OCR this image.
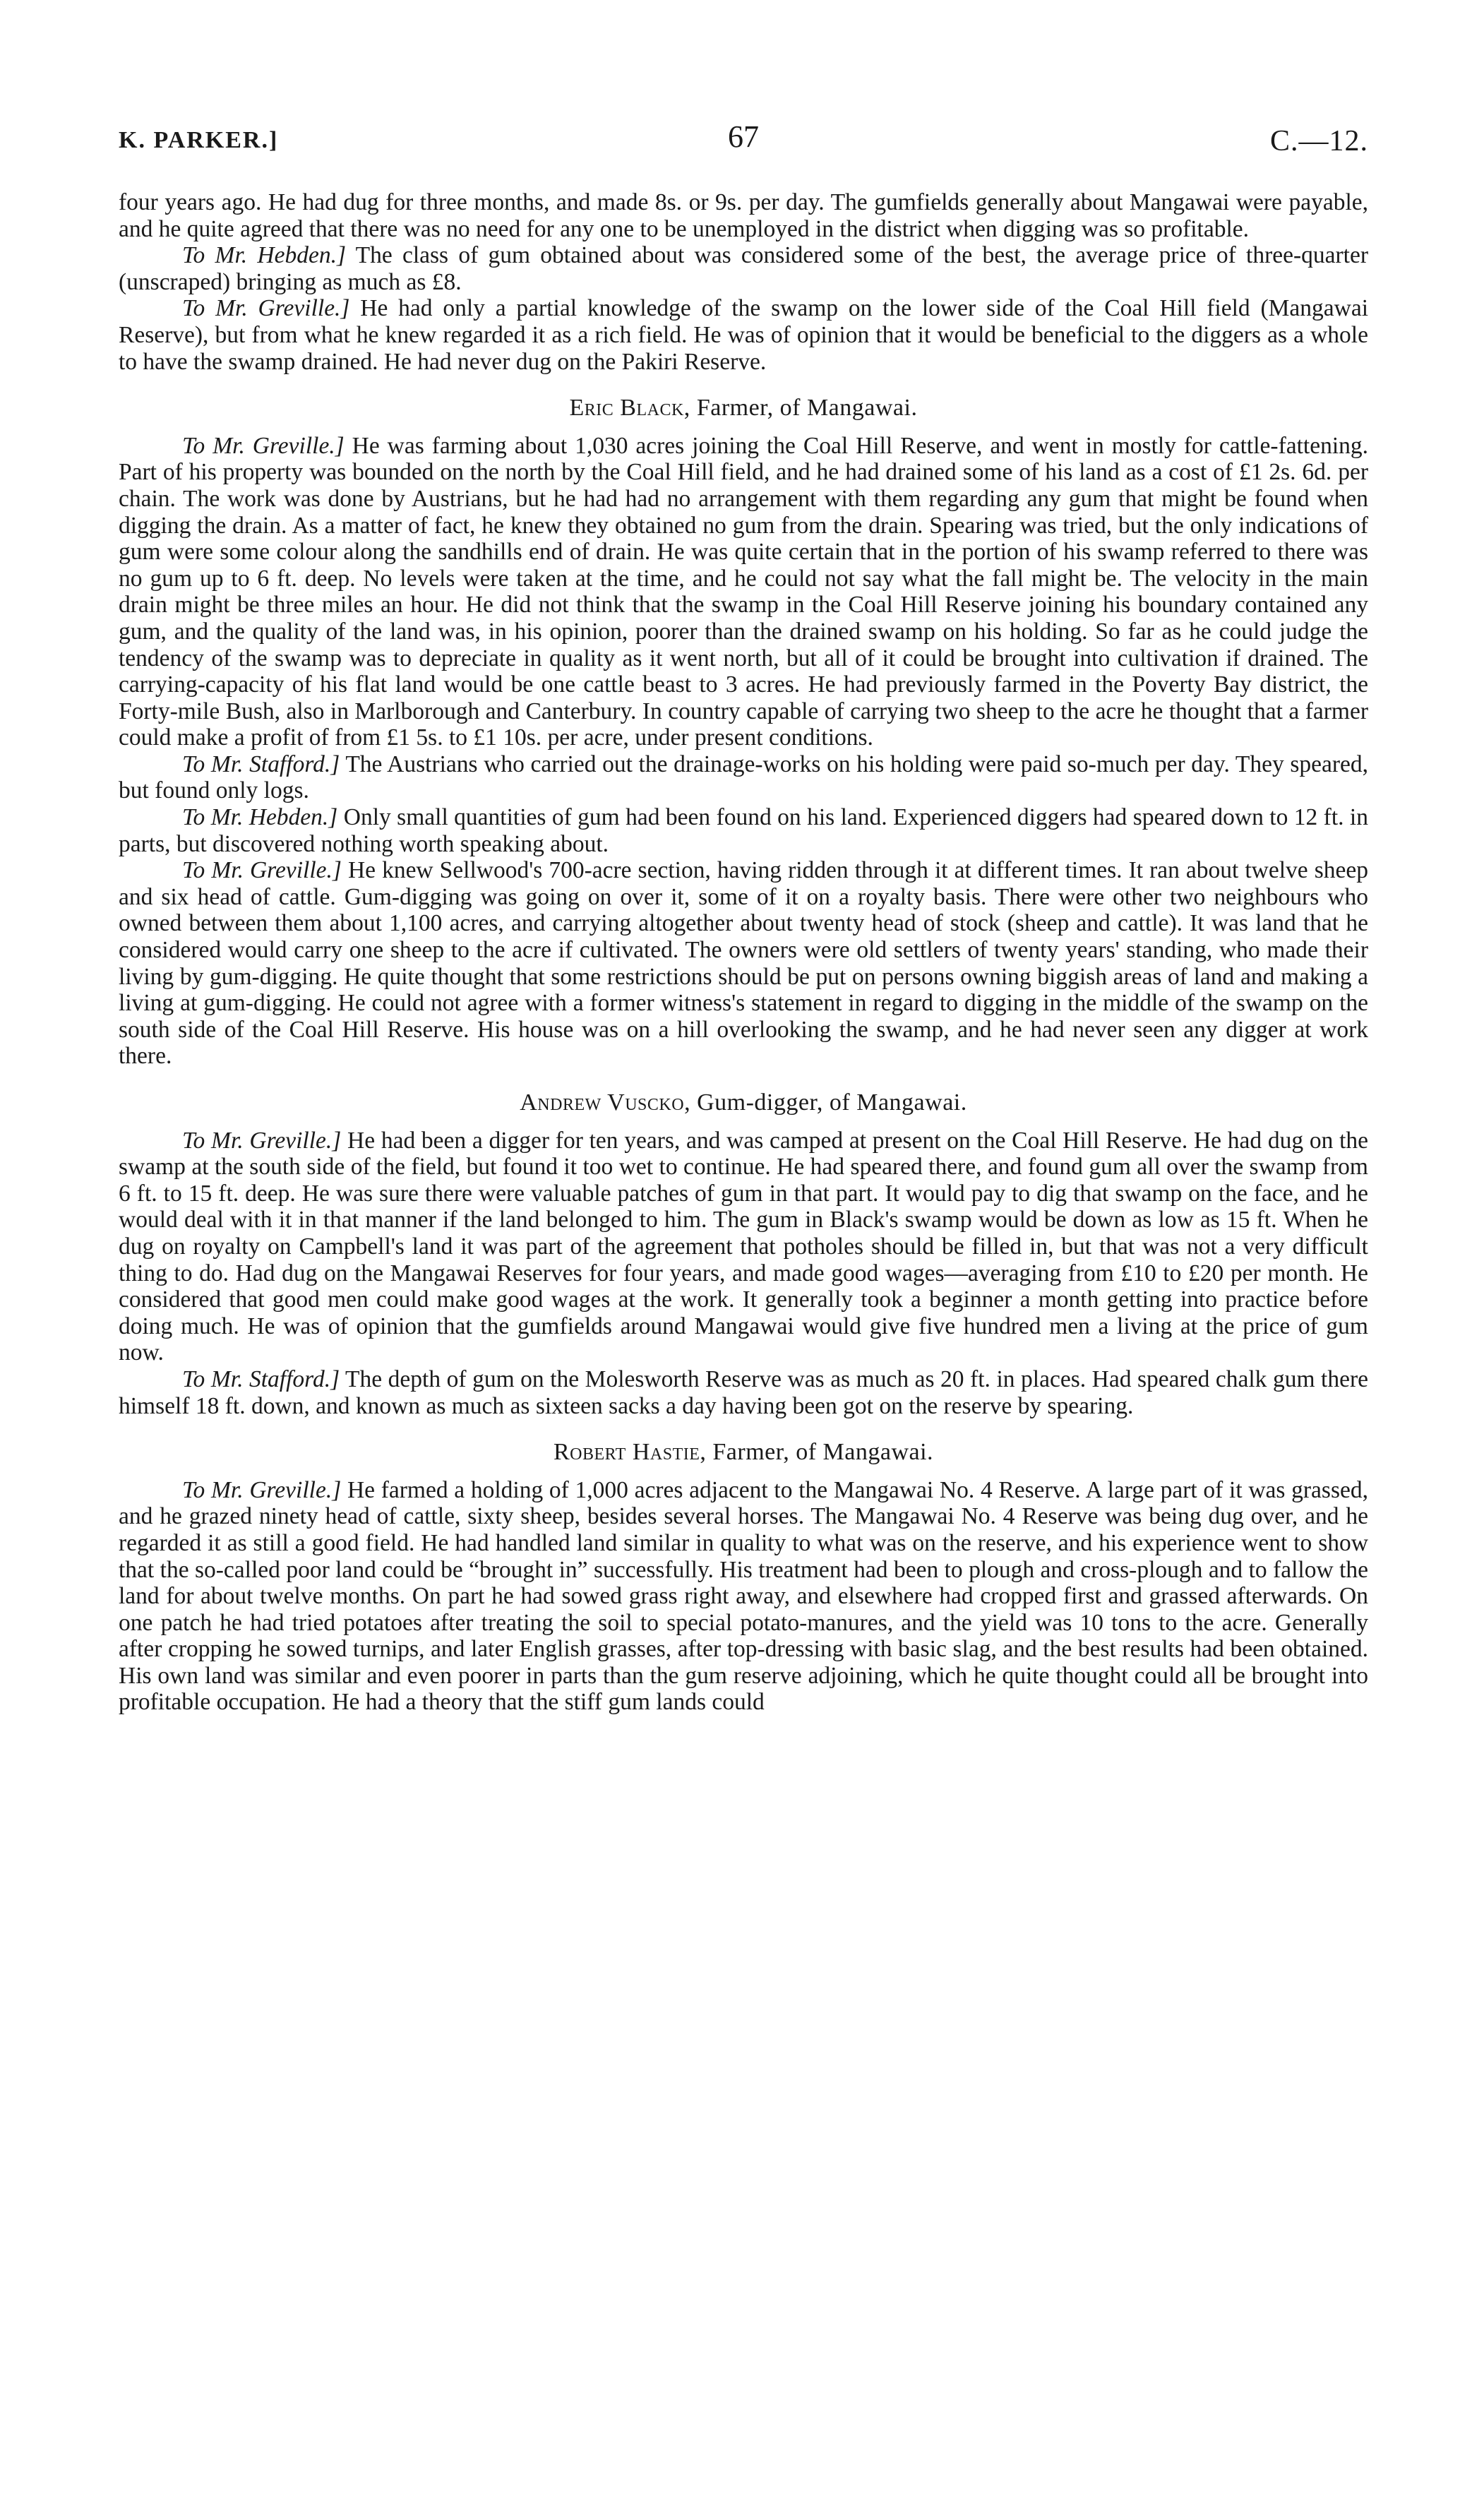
K. PARKER.]	67	C.—12.

four years ago. He had dug for three months, and made 8s. or 9s. per day. The gumfields generally about Mangawai were payable, and he quite agreed that there was no need for any one to be unemployed in the district when digging was so profitable.

To Mr. Hebden.] The class of gum obtained about was considered some of the best, the average price of three-quarter (unscraped) bringing as much as £8.

To Mr. Greville.] He had only a partial knowledge of the swamp on the lower side of the Coal Hill field (Mangawai Reserve), but from what he knew regarded it as a rich field. He was of opinion that it would be beneficial to the diggers as a whole to have the swamp drained. He had never dug on the Pakiri Reserve.

Eric Black, Farmer, of Mangawai.

To Mr. Greville.] He was farming about 1,030 acres joining the Coal Hill Reserve, and went in mostly for cattle-fattening. Part of his property was bounded on the north by the Coal Hill field, and he had drained some of his land as a cost of £1 2s. 6d. per chain. The work was done by Austrians, but he had had no arrangement with them regarding any gum that might be found when digging the drain. As a matter of fact, he knew they obtained no gum from the drain. Spearing was tried, but the only indications of gum were some colour along the sandhills end of drain. He was quite certain that in the portion of his swamp referred to there was no gum up to 6 ft. deep. No levels were taken at the time, and he could not say what the fall might be. The velocity in the main drain might be three miles an hour. He did not think that the swamp in the Coal Hill Reserve joining his boundary contained any gum, and the quality of the land was, in his opinion, poorer than the drained swamp on his holding. So far as he could judge the tendency of the swamp was to depreciate in quality as it went north, but all of it could be brought into cultivation if drained. The carrying-capacity of his flat land would be one cattle beast to 3 acres. He had previously farmed in the Poverty Bay district, the Forty-mile Bush, also in Marlborough and Canterbury. In country capable of carrying two sheep to the acre he thought that a farmer could make a profit of from £1 5s. to £1 10s. per acre, under present conditions.

To Mr. Stafford.] The Austrians who carried out the drainage-works on his holding were paid so-much per day. They speared, but found only logs.

To Mr. Hebden.] Only small quantities of gum had been found on his land. Experienced diggers had speared down to 12 ft. in parts, but discovered nothing worth speaking about.

To Mr. Greville.] He knew Sellwood's 700-acre section, having ridden through it at different times. It ran about twelve sheep and six head of cattle. Gum-digging was going on over it, some of it on a royalty basis. There were other two neighbours who owned between them about 1,100 acres, and carrying altogether about twenty head of stock (sheep and cattle). It was land that he considered would carry one sheep to the acre if cultivated. The owners were old settlers of twenty years' standing, who made their living by gum-digging. He quite thought that some restrictions should be put on persons owning biggish areas of land and making a living at gum-digging. He could not agree with a former witness's statement in regard to digging in the middle of the swamp on the south side of the Coal Hill Reserve. His house was on a hill overlooking the swamp, and he had never seen any digger at work there.

Andrew Vuscko, Gum-digger, of Mangawai.

To Mr. Greville.] He had been a digger for ten years, and was camped at present on the Coal Hill Reserve. He had dug on the swamp at the south side of the field, but found it too wet to continue. He had speared there, and found gum all over the swamp from 6 ft. to 15 ft. deep. He was sure there were valuable patches of gum in that part. It would pay to dig that swamp on the face, and he would deal with it in that manner if the land belonged to him. The gum in Black's swamp would be down as low as 15 ft. When he dug on royalty on Campbell's land it was part of the agreement that potholes should be filled in, but that was not a very difficult thing to do. Had dug on the Mangawai Reserves for four years, and made good wages—averaging from £10 to £20 per month. He considered that good men could make good wages at the work. It generally took a beginner a month getting into practice before doing much. He was of opinion that the gumfields around Mangawai would give five hundred men a living at the price of gum now.

To Mr. Stafford.] The depth of gum on the Molesworth Reserve was as much as 20 ft. in places. Had speared chalk gum there himself 18 ft. down, and known as much as sixteen sacks a day having been got on the reserve by spearing.

Robert Hastie, Farmer, of Mangawai.

To Mr. Greville.] He farmed a holding of 1,000 acres adjacent to the Mangawai No. 4 Reserve. A large part of it was grassed, and he grazed ninety head of cattle, sixty sheep, besides several horses. The Mangawai No. 4 Reserve was being dug over, and he regarded it as still a good field. He had handled land similar in quality to what was on the reserve, and his experience went to show that the so-called poor land could be “brought in” successfully. His treatment had been to plough and cross-plough and to fallow the land for about twelve months. On part he had sowed grass right away, and elsewhere had cropped first and grassed afterwards. On one patch he had tried potatoes after treating the soil to special potato-manures, and the yield was 10 tons to the acre. Generally after cropping he sowed turnips, and later English grasses, after top-dressing with basic slag, and the best results had been obtained. His own land was similar and even poorer in parts than the gum reserve adjoining, which he quite thought could all be brought into profitable occupation. He had a theory that the stiff gum lands could
